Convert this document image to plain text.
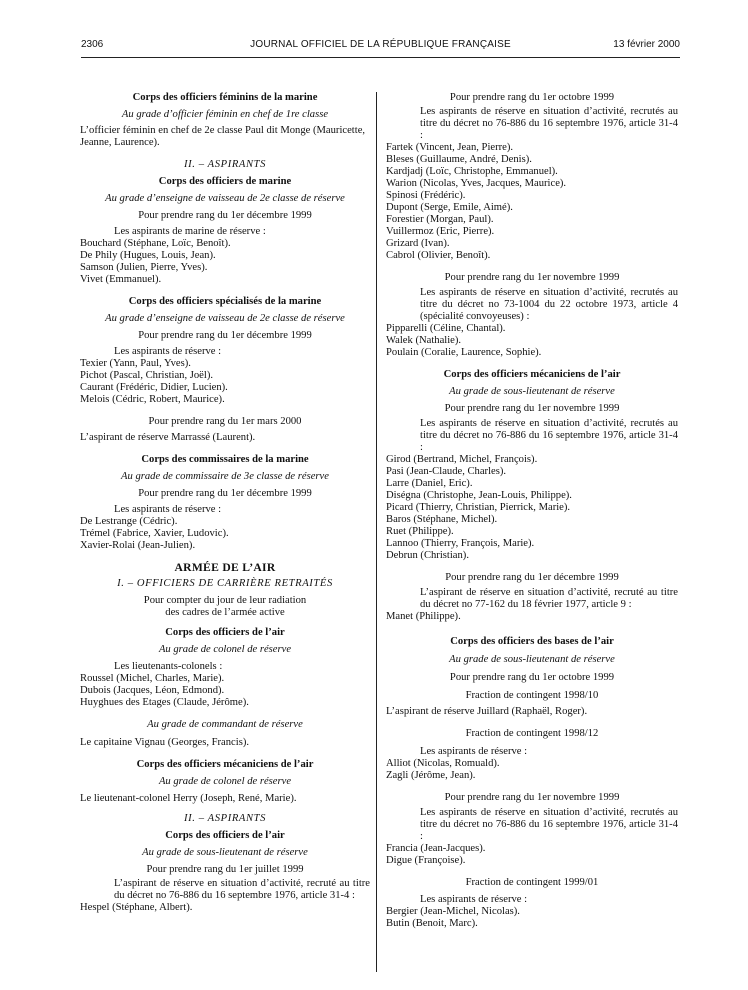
2306	JOURNAL OFFICIEL DE LA RÉPUBLIQUE FRANÇAISE	13 février 2000
Corps des officiers féminins de la marine
Au grade d’officier féminin en chef de 1re classe
L’officier féminin en chef de 2e classe Paul dit Monge (Mauricette, Jeanne, Laurence).
II. – ASPIRANTS
Corps des officiers de marine
Au grade d’enseigne de vaisseau de 2e classe de réserve
Pour prendre rang du 1er décembre 1999
Les aspirants de marine de réserve :
Bouchard (Stéphane, Loïc, Benoît).
De Phily (Hugues, Louis, Jean).
Samson (Julien, Pierre, Yves).
Vivet (Emmanuel).
Corps des officiers spécialisés de la marine
Au grade d’enseigne de vaisseau de 2e classe de réserve
Pour prendre rang du 1er décembre 1999
Les aspirants de réserve :
Texier (Yann, Paul, Yves).
Pichot (Pascal, Christian, Joël).
Caurant (Frédéric, Didier, Lucien).
Melois (Cédric, Robert, Maurice).
Pour prendre rang du 1er mars 2000
L’aspirant de réserve Marrassé (Laurent).
Corps des commissaires de la marine
Au grade de commissaire de 3e classe de réserve
Pour prendre rang du 1er décembre 1999
Les aspirants de réserve :
De Lestrange (Cédric).
Trémel (Fabrice, Xavier, Ludovic).
Xavier-Rolai (Jean-Julien).
ARMÉE DE L’AIR
I. – OFFICIERS DE CARRIÈRE RETRAITÉS
Pour compter du jour de leur radiation
des cadres de l’armée active
Corps des officiers de l’air
Au grade de colonel de réserve
Les lieutenants-colonels :
Roussel (Michel, Charles, Marie).
Dubois (Jacques, Léon, Edmond).
Huyghues des Etages (Claude, Jérôme).
Au grade de commandant de réserve
Le capitaine Vignau (Georges, Francis).
Corps des officiers mécaniciens de l’air
Au grade de colonel de réserve
Le lieutenant-colonel Herry (Joseph, René, Marie).
II. – ASPIRANTS
Corps des officiers de l’air
Au grade de sous-lieutenant de réserve
Pour prendre rang du 1er juillet 1999
L’aspirant de réserve en situation d’activité, recruté au titre du décret no 76-886 du 16 septembre 1976, article 31-4 :
Hespel (Stéphane, Albert).
Pour prendre rang du 1er octobre 1999
Les aspirants de réserve en situation d’activité, recrutés au titre du décret no 76-886 du 16 septembre 1976, article 31-4 :
Fartek (Vincent, Jean, Pierre).
Bleses (Guillaume, André, Denis).
Kardjadj (Loïc, Christophe, Emmanuel).
Warion (Nicolas, Yves, Jacques, Maurice).
Spinosi (Frédéric).
Dupont (Serge, Emile, Aimé).
Forestier (Morgan, Paul).
Vuillermoz (Eric, Pierre).
Grizard (Ivan).
Cabrol (Olivier, Benoît).
Pour prendre rang du 1er novembre 1999
Les aspirants de réserve en situation d’activité, recrutés au titre du décret no 73-1004 du 22 octobre 1973, article 4 (spécialité convoyeuses) :
Pipparelli (Céline, Chantal).
Walek (Nathalie).
Poulain (Coralie, Laurence, Sophie).
Corps des officiers mécaniciens de l’air
Au grade de sous-lieutenant de réserve
Pour prendre rang du 1er novembre 1999
Les aspirants de réserve en situation d’activité, recrutés au titre du décret no 76-886 du 16 septembre 1976, article 31-4 :
Girod (Bertrand, Michel, François).
Pasi (Jean-Claude, Charles).
Larre (Daniel, Eric).
Diségna (Christophe, Jean-Louis, Philippe).
Picard (Thierry, Christian, Pierrick, Marie).
Baros (Stéphane, Michel).
Ruet (Philippe).
Lannoo (Thierry, François, Marie).
Debrun (Christian).
Pour prendre rang du 1er décembre 1999
L’aspirant de réserve en situation d’activité, recruté au titre du décret no 77-162 du 18 février 1977, article 9 :
Manet (Philippe).
Corps des officiers des bases de l’air
Au grade de sous-lieutenant de réserve
Pour prendre rang du 1er octobre 1999
Fraction de contingent 1998/10
L’aspirant de réserve Juillard (Raphaël, Roger).
Fraction de contingent 1998/12
Les aspirants de réserve :
Alliot (Nicolas, Romuald).
Zagli (Jérôme, Jean).
Pour prendre rang du 1er novembre 1999
Les aspirants de réserve en situation d’activité, recrutés au titre du décret no 76-886 du 16 septembre 1976, article 31-4 :
Francia (Jean-Jacques).
Digue (Françoise).
Fraction de contingent 1999/01
Les aspirants de réserve :
Bergier (Jean-Michel, Nicolas).
Butin (Benoit, Marc).
